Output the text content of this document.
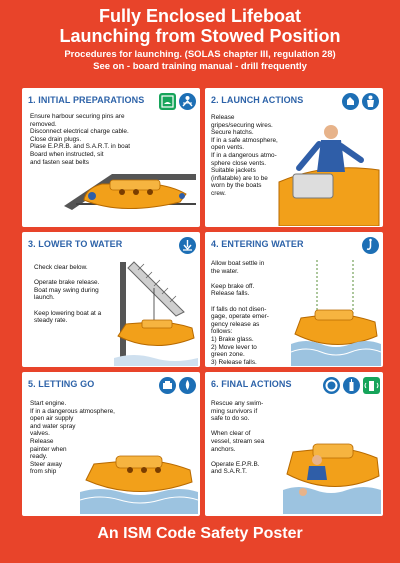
Fully Enclosed Lifeboat
Launching from Stowed Position
Procedures for launching. (SOLAS chapter III, regulation 28)
See on - board training manual - drill frequently
1. INITIAL PREPARATIONS
Ensure harbour securing pins are
removed.
Disconnect electrical charge cable.
Close drain plugs.
Plase E.P.R.B. and S.A.R.T. in boat
Board when instructed, sit
and fasten seat belts
2. LAUNCH ACTIONS
Release
gripes/securing wires.
Secure hatchs.
If in a safe atmosphere,
open vents.
If in a dangerous atmo-
sphere close vents.
Suitable jackets
(inflatable) are to be
worn by the boats
crew.
3. LOWER TO WATER
Check clear below.

Operate brake release.
Boat may swing during
launch.

Keep lowering boat at a
steady rate.
4. ENTERING WATER
Allow boat settle in
the water.

Keep brake off.
Release falls.

If falls do not disen-
gage, operate emer-
gency release as
follows:
1) Brake glass.
2) Move lever to
green zone.
3) Release falls.
5. LETTING GO
Start engine.
If in a dangerous atmosphere,
open air supply
and water spray
valves.
Release
painter when
ready.
Steer away
from ship
6. FINAL ACTIONS
Rescue any swim-
ming survivors if
safe to do so.

When clear of
vessel, stream sea
anchors.

Operate E.P.R.B.
and S.A.R.T.
An ISM Code Safety Poster
